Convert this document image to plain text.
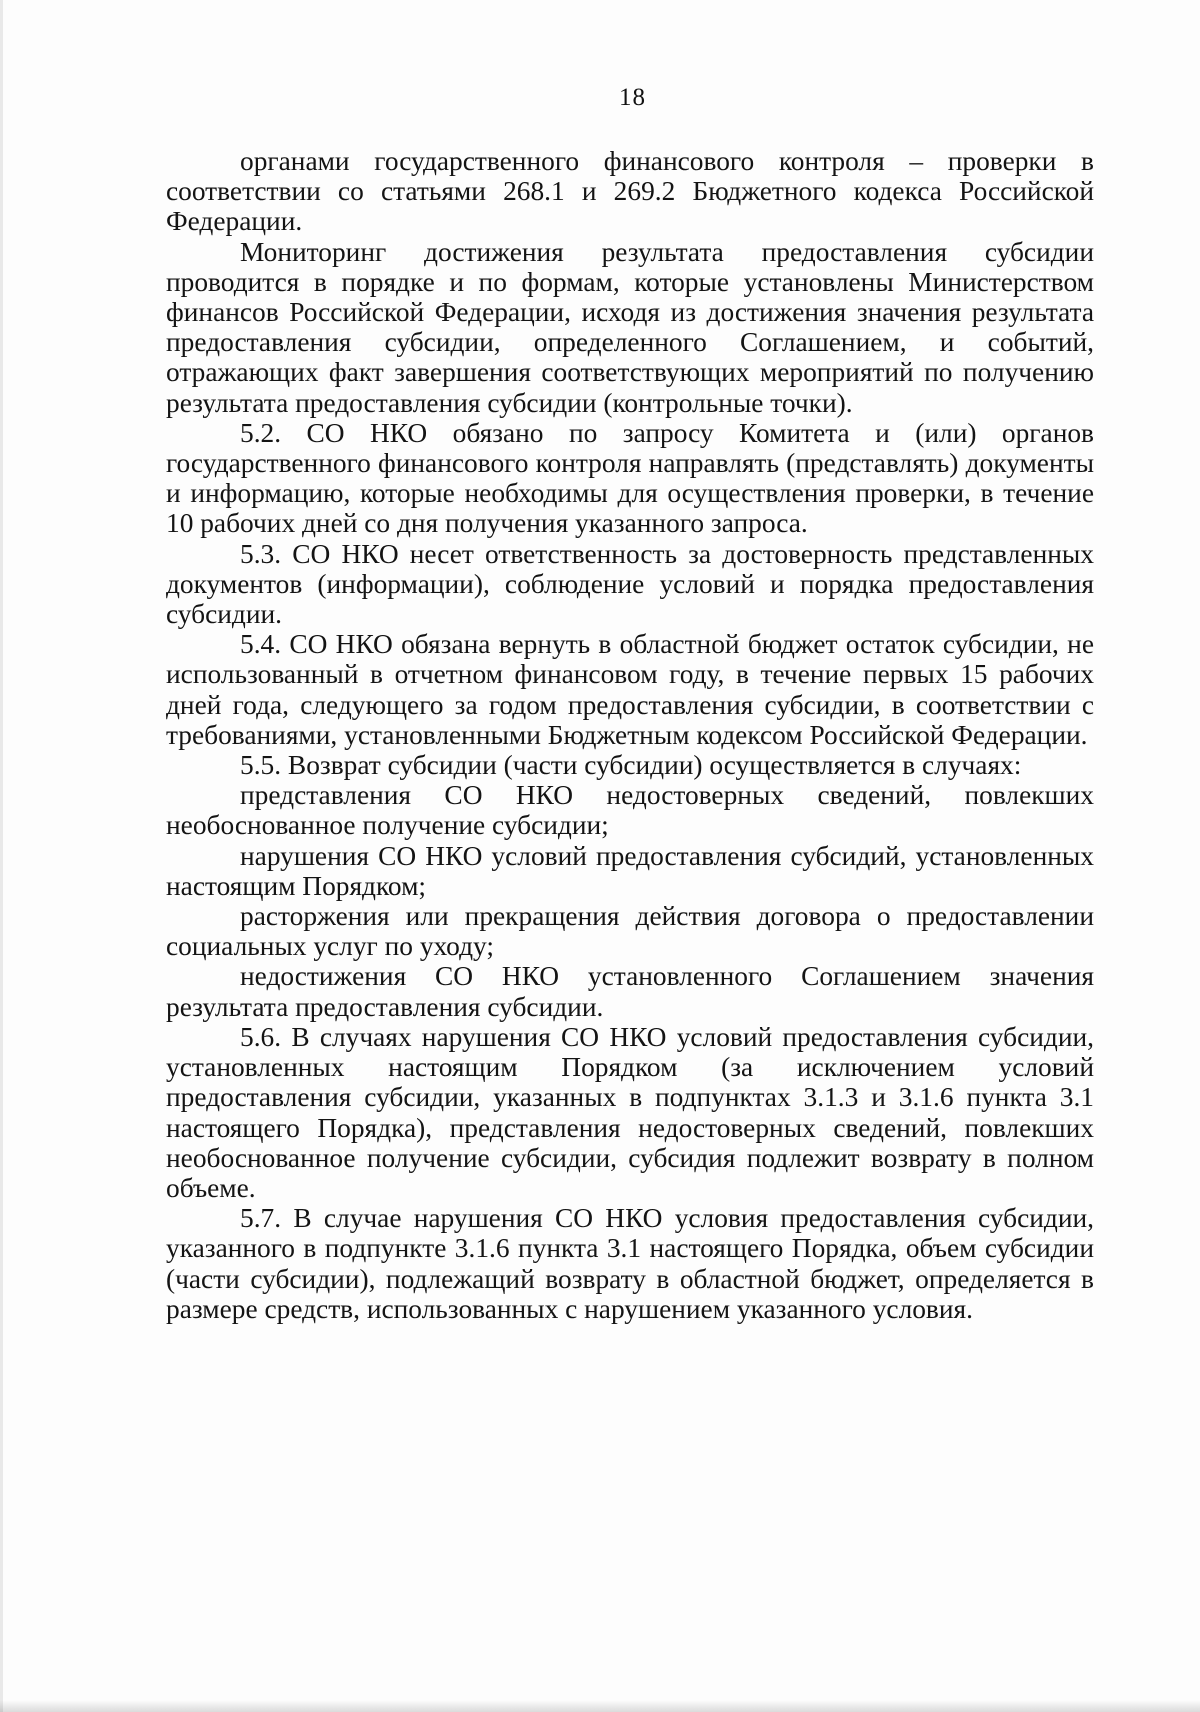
18

органами государственного финансового контроля – проверки в соответствии со статьями 268.1 и 269.2 Бюджетного кодекса Российской Федерации.

Мониторинг достижения результата предоставления субсидии проводится в порядке и по формам, которые установлены Министерством финансов Российской Федерации, исходя из достижения значения результата предоставления субсидии, определенного Соглашением, и событий, отражающих факт завершения соответствующих мероприятий по получению результата предоставления субсидии (контрольные точки).

5.2. СО НКО обязано по запросу Комитета и (или) органов государственного финансового контроля направлять (представлять) документы и информацию, которые необходимы для осуществления проверки, в течение 10 рабочих дней со дня получения указанного запроса.

5.3. СО НКО несет ответственность за достоверность представленных документов (информации), соблюдение условий и порядка предоставления субсидии.

5.4. СО НКО обязана вернуть в областной бюджет остаток субсидии, не использованный в отчетном финансовом году, в течение первых 15 рабочих дней года, следующего за годом предоставления субсидии, в соответствии с требованиями, установленными Бюджетным кодексом Российской Федерации.

5.5. Возврат субсидии (части субсидии) осуществляется в случаях:

представления СО НКО недостоверных сведений, повлекших необоснованное получение субсидии;

нарушения СО НКО условий предоставления субсидий, установленных настоящим Порядком;

расторжения или прекращения действия договора о предоставлении социальных услуг по уходу;

недостижения СО НКО установленного Соглашением значения результата предоставления субсидии.

5.6. В случаях нарушения СО НКО условий предоставления субсидии, установленных настоящим Порядком (за исключением условий предоставления субсидии, указанных в подпунктах 3.1.3 и 3.1.6 пункта 3.1 настоящего Порядка), представления недостоверных сведений, повлекших необоснованное получение субсидии, субсидия подлежит возврату в полном объеме.

5.7. В случае нарушения СО НКО условия предоставления субсидии, указанного в подпункте 3.1.6 пункта 3.1 настоящего Порядка, объем субсидии (части субсидии), подлежащий возврату в областной бюджет, определяется в размере средств, использованных с нарушением указанного условия.
